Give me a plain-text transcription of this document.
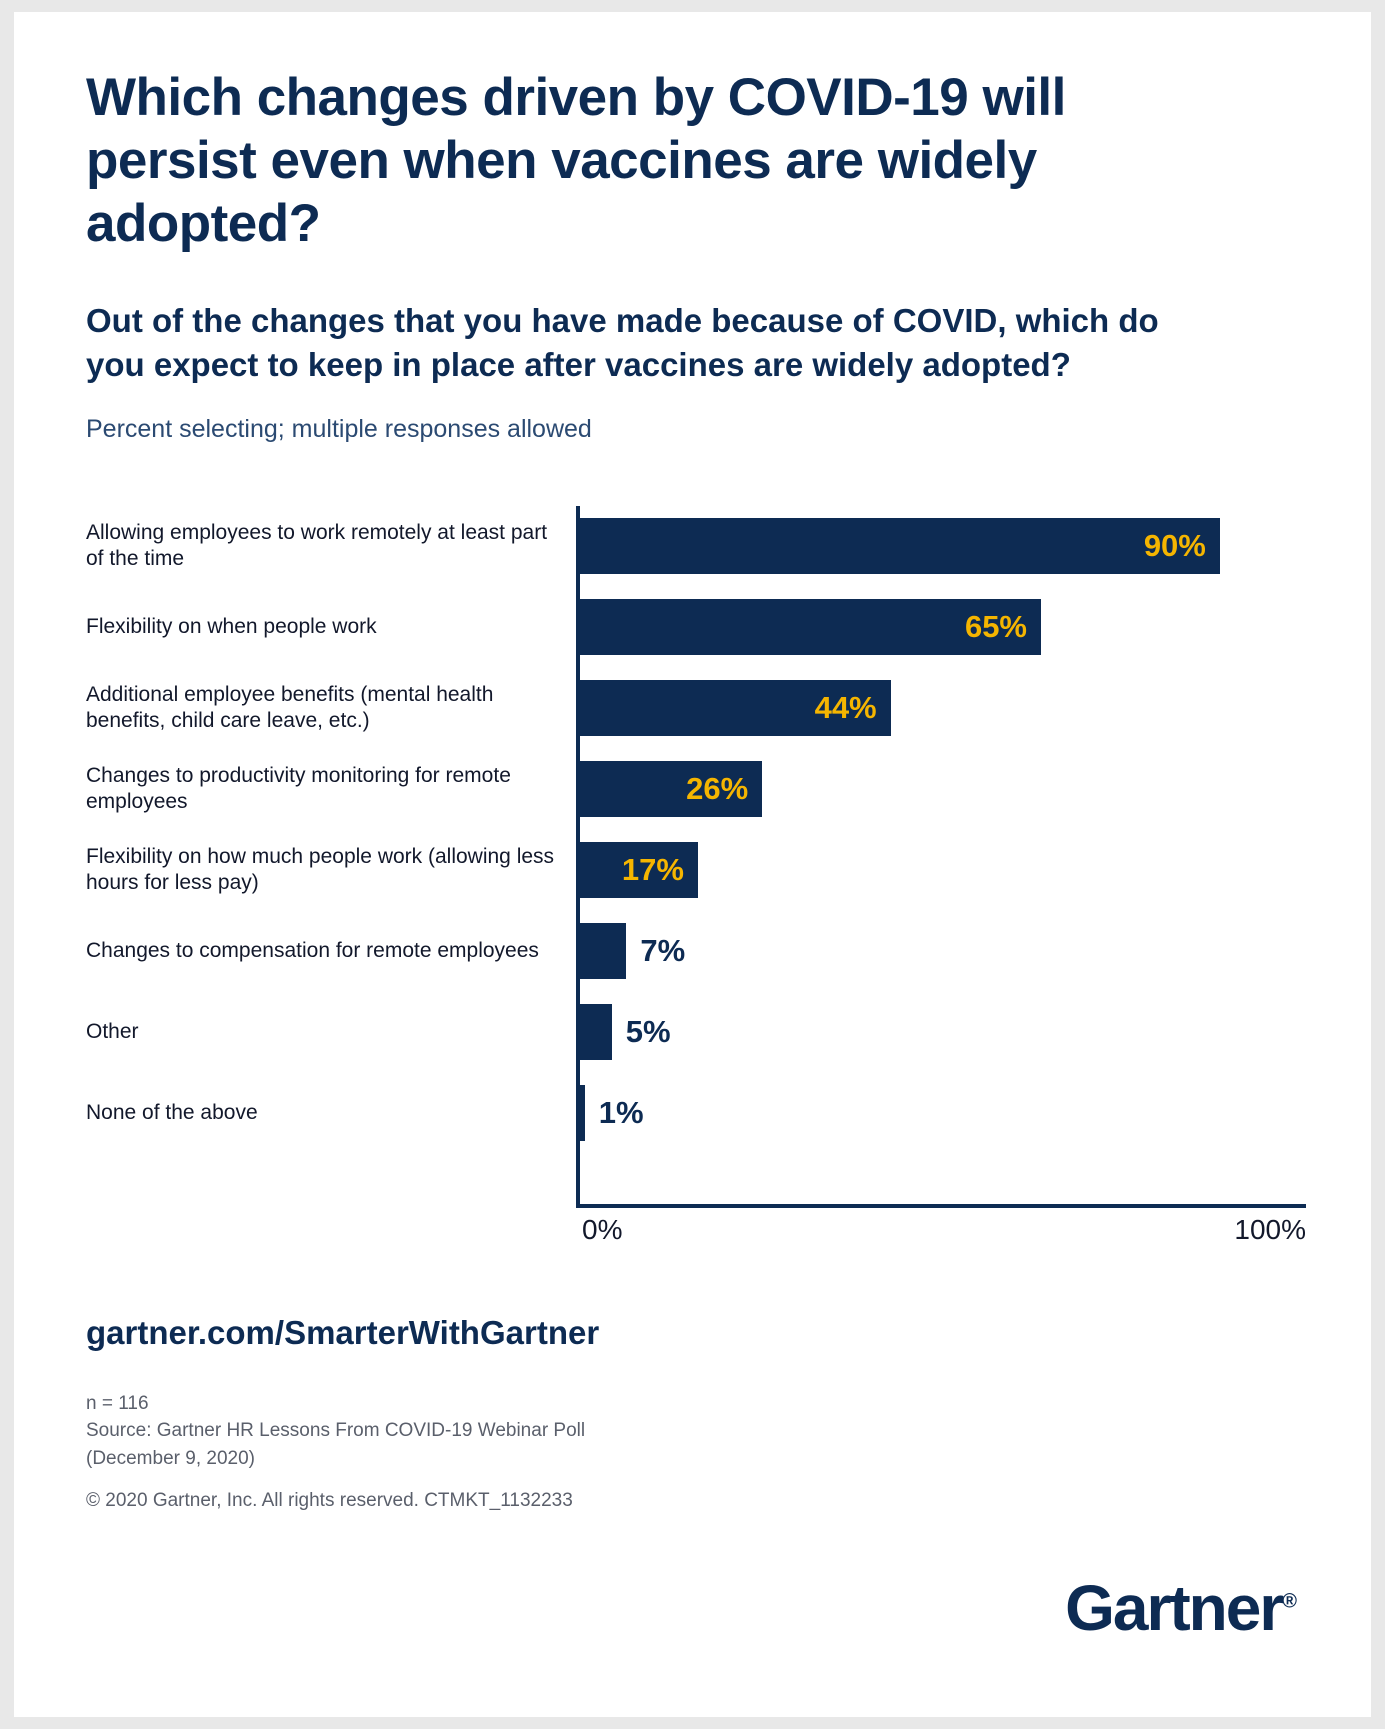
Which changes driven by COVID-19 will persist even when vaccines are widely adopted?
Out of the changes that you have made because of COVID, which do you expect to keep in place after vaccines are widely adopted?
Percent selecting; multiple responses allowed
Allowing employees to work remotely at least part of the time	90%
Flexibility on when people work	65%
Additional employee benefits (mental health benefits, child care leave, etc.)	44%
Changes to productivity monitoring for remote employees	26%
Flexibility on how much people work (allowing less hours for less pay)	17%
Changes to compensation for remote employees	7%
Other	5%
None of the above	1%
0%	100%
gartner.com/SmarterWithGartner
n = 116
Source: Gartner HR Lessons From COVID-19 Webinar Poll
(December 9, 2020)
© 2020 Gartner, Inc. All rights reserved. CTMKT_1132233
Gartner®
